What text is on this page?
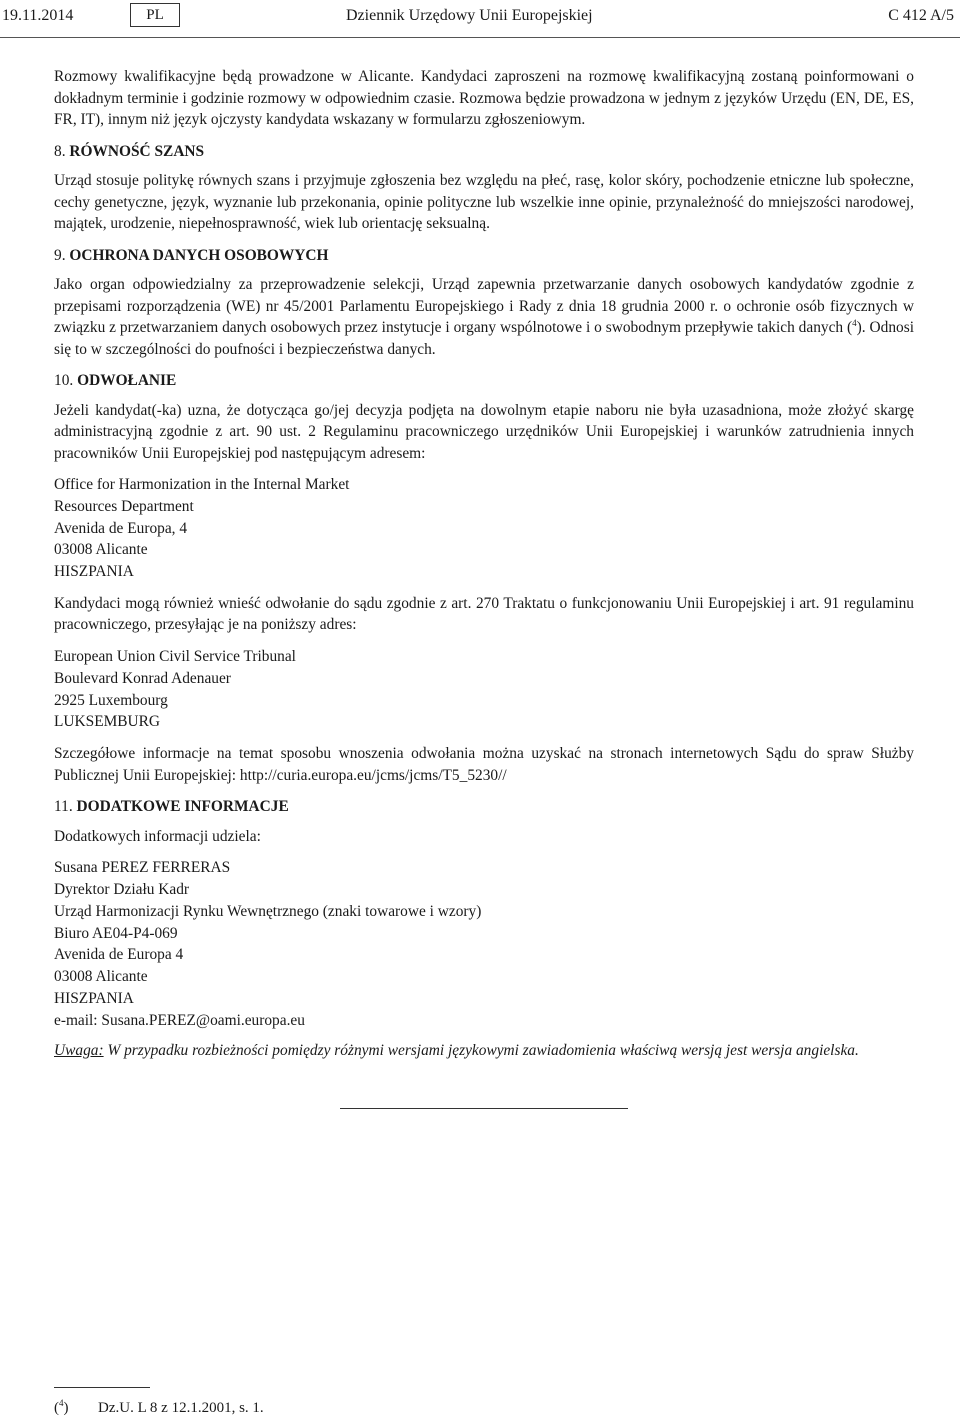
19.11.2014	PL	Dziennik Urzędowy Unii Europejskiej	C 412 A/5

Rozmowy kwalifikacyjne będą prowadzone w Alicante. Kandydaci zaproszeni na rozmowę kwalifikacyjną zostaną poinformowani o dokładnym terminie i godzinie rozmowy w odpowiednim czasie. Rozmowa będzie prowadzona w jednym z języków Urzędu (EN, DE, ES, FR, IT), innym niż język ojczysty kandydata wskazany w formularzu zgłoszeniowym.

8. RÓWNOŚĆ SZANS

Urząd stosuje politykę równych szans i przyjmuje zgłoszenia bez względu na płeć, rasę, kolor skóry, pochodzenie etniczne lub społeczne, cechy genetyczne, język, wyznanie lub przekonania, opinie polityczne lub wszelkie inne opinie, przynależność do mniejszości narodowej, majątek, urodzenie, niepełnosprawność, wiek lub orientację seksualną.

9. OCHRONA DANYCH OSOBOWYCH

Jako organ odpowiedzialny za przeprowadzenie selekcji, Urząd zapewnia przetwarzanie danych osobowych kandydatów zgodnie z przepisami rozporządzenia (WE) nr 45/2001 Parlamentu Europejskiego i Rady z dnia 18 grudnia 2000 r. o ochronie osób fizycznych w związku z przetwarzaniem danych osobowych przez instytucje i organy wspólnotowe i o swobodnym przepływie takich danych ($^4$). Odnosi się to w szczególności do poufności i bezpieczeństwa danych.

10. ODWOŁANIE

Jeżeli kandydat(-ka) uzna, że dotycząca go/jej decyzja podjęta na dowolnym etapie naboru nie była uzasadniona, może złożyć skargę administracyjną zgodnie z art. 90 ust. 2 Regulaminu pracowniczego urzędników Unii Europejskiej i warunków zatrudnienia innych pracowników Unii Europejskiej pod następującym adresem:

Office for Harmonization in the Internal Market
Resources Department
Avenida de Europa, 4
03008 Alicante
HISZPANIA

Kandydaci mogą również wnieść odwołanie do sądu zgodnie z art. 270 Traktatu o funkcjonowaniu Unii Europejskiej i art. 91 regulaminu pracowniczego, przesyłając je na poniższy adres:

European Union Civil Service Tribunal
Boulevard Konrad Adenauer
2925 Luxembourg
LUKSEMBURG

Szczegółowe informacje na temat sposobu wnoszenia odwołania można uzyskać na stronach internetowych Sądu do spraw Służby Publicznej Unii Europejskiej: http://curia.europa.eu/jcms/jcms/T5_5230//

11. DODATKOWE INFORMACJE

Dodatkowych informacji udziela:

Susana PEREZ FERRERAS
Dyrektor Działu Kadr
Urząd Harmonizacji Rynku Wewnętrznego (znaki towarowe i wzory)
Biuro AE04-P4-069
Avenida de Europa 4
03008 Alicante
HISZPANIA
e-mail: Susana.PEREZ@oami.europa.eu

Uwaga: W przypadku rozbieżności pomiędzy różnymi wersjami językowymi zawiadomienia właściwą wersją jest wersja angielska.

($^4$) Dz.U. L 8 z 12.1.2001, s. 1.
